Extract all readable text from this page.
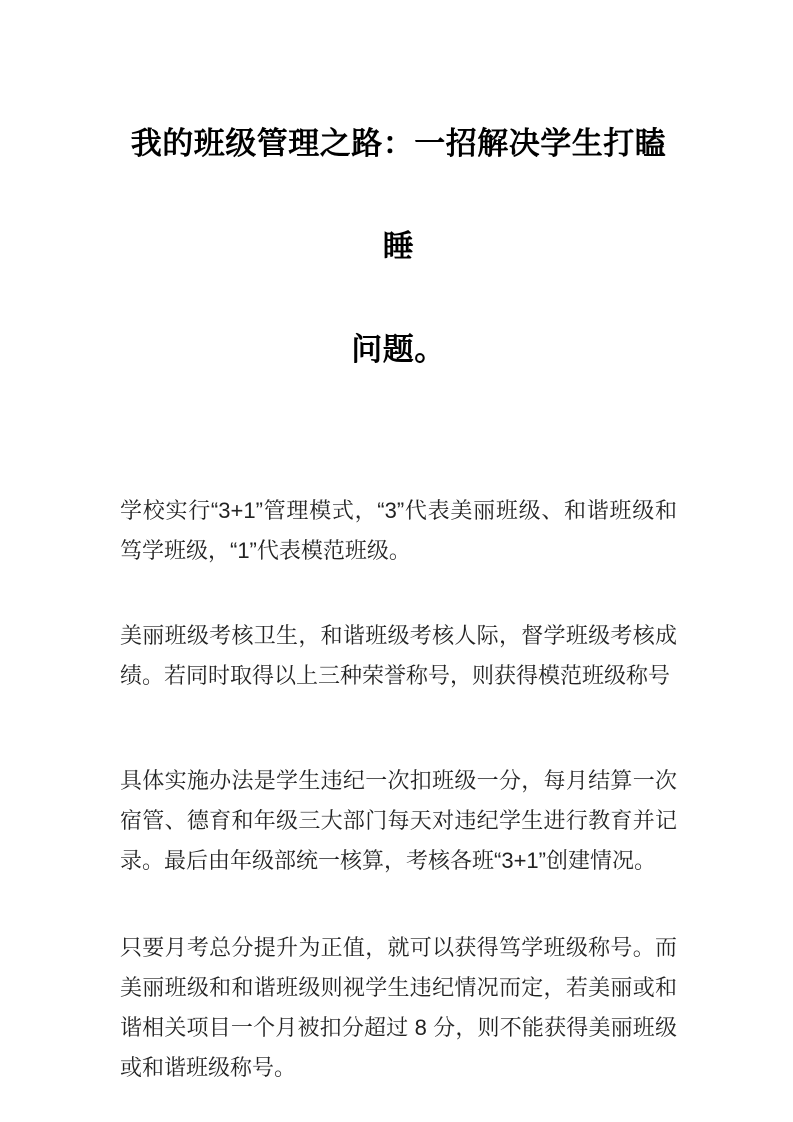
我的班级管理之路：一招解决学生打瞌睡
问题。

学校实行“3+1”管理模式，“3”代表美丽班级、和谐班级和笃学班级，“1”代表模范班级。

美丽班级考核卫生，和谐班级考核人际，督学班级考核成绩。若同时取得以上三种荣誉称号，则获得模范班级称号

具体实施办法是学生违纪一次扣班级一分，每月结算一次宿管、德育和年级三大部门每天对违纪学生进行教育并记录。最后由年级部统一核算，考核各班“3+1”创建情况。

只要月考总分提升为正值，就可以获得笃学班级称号。而美丽班级和和谐班级则视学生违纪情况而定，若美丽或和谐相关项目一个月被扣分超过 8 分，则不能获得美丽班级或和谐班级称号。
